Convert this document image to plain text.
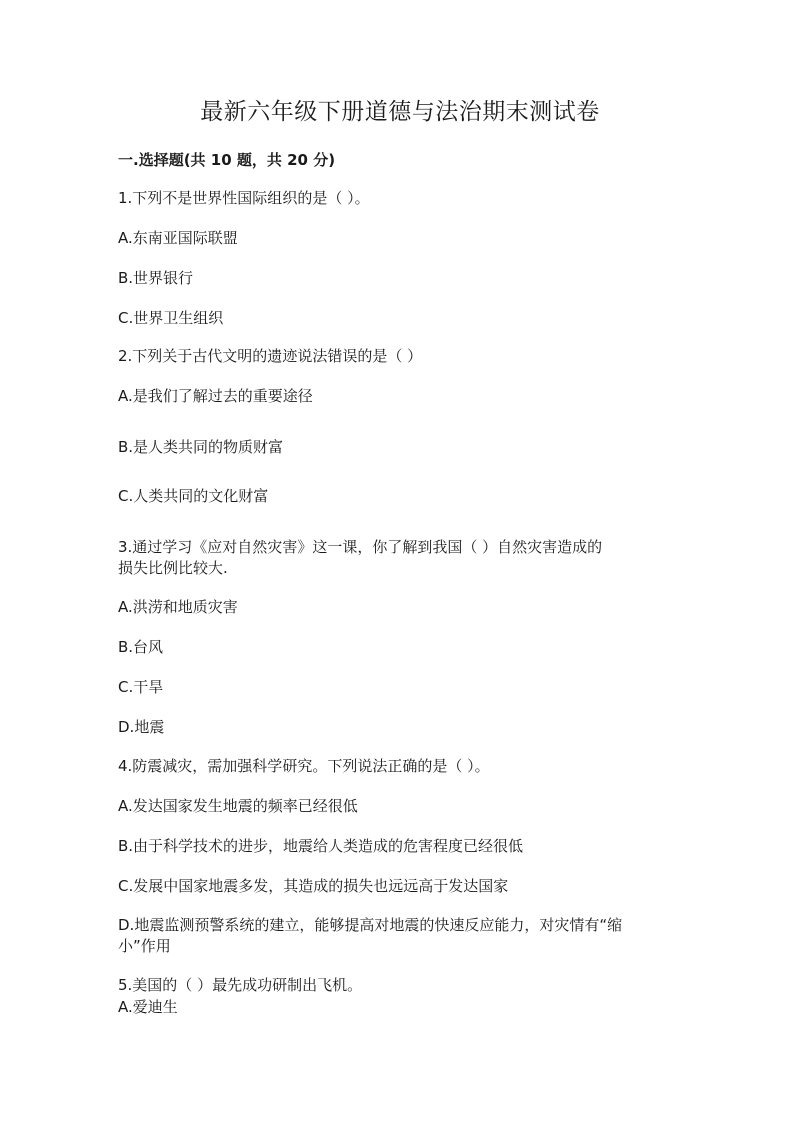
最新六年级下册道德与法治期末测试卷
一.选择题(共 10 题，共 20 分)
1.下列不是世界性国际组织的是（ ）。
A.东南亚国际联盟
B.世界银行
C.世界卫生组织
2.下列关于古代文明的遗迹说法错误的是（ ）
A.是我们了解过去的重要途径
B.是人类共同的物质财富
C.人类共同的文化财富
3.通过学习《应对自然灾害》这一课，你了解到我国（ ）自然灾害造成的
损失比例比较大.
A.洪涝和地质灾害
B.台风
C.干旱
D.地震
4.防震减灾，需加强科学研究。下列说法正确的是（ ）。
A.发达国家发生地震的频率已经很低
B.由于科学技术的进步，地震给人类造成的危害程度已经很低
C.发展中国家地震多发，其造成的损失也远远高于发达国家
D.地震监测预警系统的建立，能够提高对地震的快速反应能力，对灾情有“缩
小”作用
5.美国的（ ）最先成功研制出飞机。
A.爱迪生
